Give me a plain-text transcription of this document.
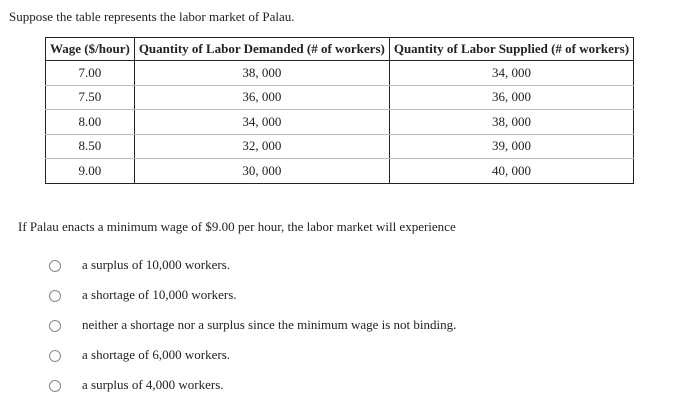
Suppose the table represents the labor market of Palau.
Wage ($/hour)	Quantity of Labor Demanded (# of workers)	Quantity of Labor Supplied (# of workers)
7.00	38, 000	34, 000
7.50	36, 000	36, 000
8.00	34, 000	38, 000
8.50	32, 000	39, 000
9.00	30, 000	40, 000
If Palau enacts a minimum wage of $9.00 per hour, the labor market will experience
a surplus of 10,000 workers.
a shortage of 10,000 workers.
neither a shortage nor a surplus since the minimum wage is not binding.
a shortage of 6,000 workers.
a surplus of 4,000 workers.
